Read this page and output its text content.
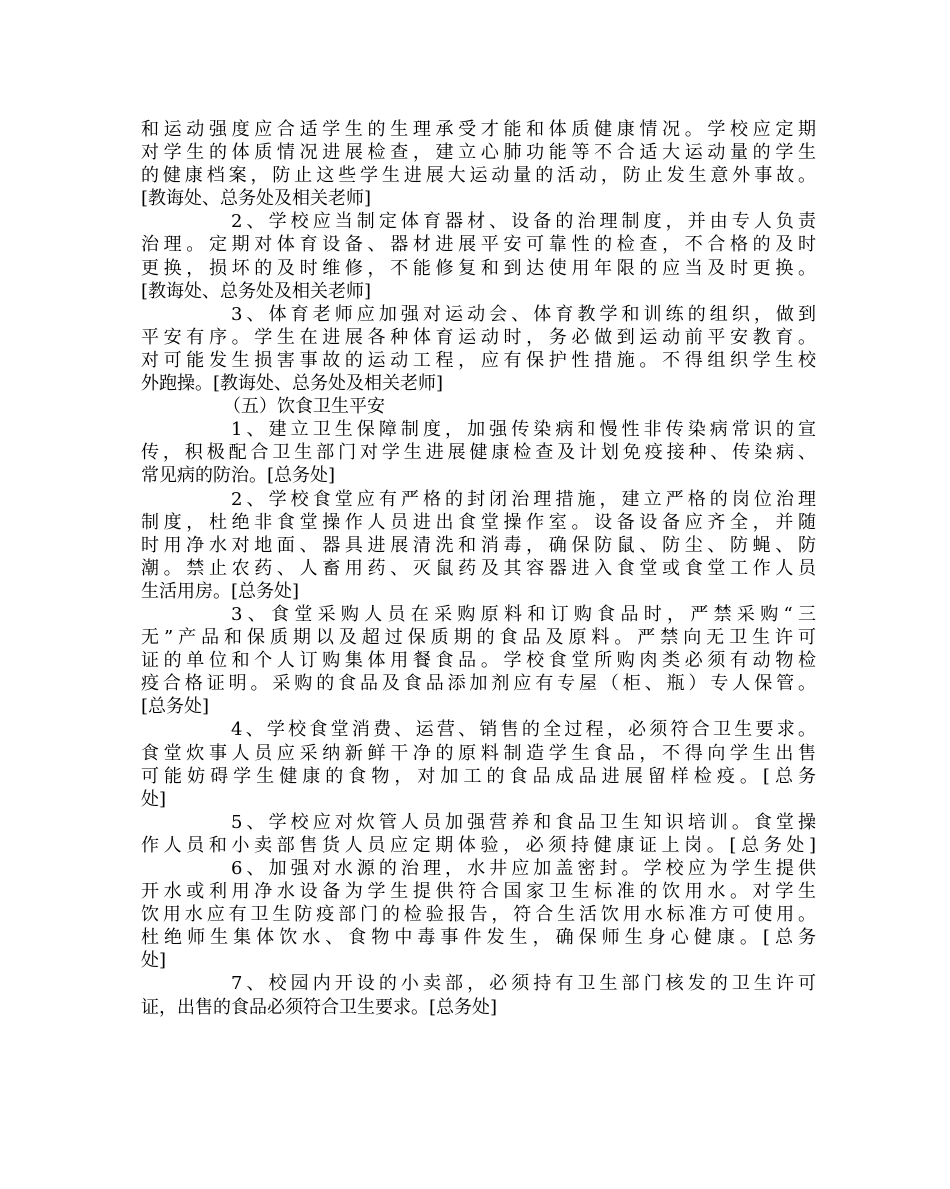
和运动强度应合适学生的生理承受才能和体质健康情况。学校应定期
对学生的体质情况进展检查，建立心肺功能等不合适大运动量的学生
的健康档案，防止这些学生进展大运动量的活动，防止发生意外事故。
[教诲处、总务处及相关老师]
2、学校应当制定体育器材、设备的治理制度，并由专人负责
治理。定期对体育设备、器材进展平安可靠性的检查，不合格的及时
更换，损坏的及时维修，不能修复和到达使用年限的应当及时更换。
[教诲处、总务处及相关老师]
3、体育老师应加强对运动会、体育教学和训练的组织，做到
平安有序。学生在进展各种体育运动时，务必做到运动前平安教育。
对可能发生损害事故的运动工程，应有保护性措施。不得组织学生校
外跑操。[教诲处、总务处及相关老师]
（五）饮食卫生平安
1、建立卫生保障制度，加强传染病和慢性非传染病常识的宣
传，积极配合卫生部门对学生进展健康检查及计划免疫接种、传染病、
常见病的防治。[总务处]
2、学校食堂应有严格的封闭治理措施，建立严格的岗位治理
制度，杜绝非食堂操作人员进出食堂操作室。设备设备应齐全，并随
时用净水对地面、器具进展清洗和消毒，确保防鼠、防尘、防蝇、防
潮。禁止农药、人畜用药、灭鼠药及其容器进入食堂或食堂工作人员
生活用房。[总务处]
3、食堂采购人员在采购原料和订购食品时，严禁采购“三
无”产品和保质期以及超过保质期的食品及原料。严禁向无卫生许可
证的单位和个人订购集体用餐食品。学校食堂所购肉类必须有动物检
疫合格证明。采购的食品及食品添加剂应有专屋（柜、瓶）专人保管。
[总务处]
4、学校食堂消费、运营、销售的全过程，必须符合卫生要求。
食堂炊事人员应采纳新鲜干净的原料制造学生食品，不得向学生出售
可能妨碍学生健康的食物，对加工的食品成品进展留样检疫。[总务
处]
5、学校应对炊管人员加强营养和食品卫生知识培训。食堂操
作人员和小卖部售货人员应定期体验，必须持健康证上岗。[总务处]
6、加强对水源的治理，水井应加盖密封。学校应为学生提供
开水或利用净水设备为学生提供符合国家卫生标准的饮用水。对学生
饮用水应有卫生防疫部门的检验报告，符合生活饮用水标准方可使用。
杜绝师生集体饮水、食物中毒事件发生，确保师生身心健康。[总务
处]
7、校园内开设的小卖部，必须持有卫生部门核发的卫生许可
证，出售的食品必须符合卫生要求。[总务处]
